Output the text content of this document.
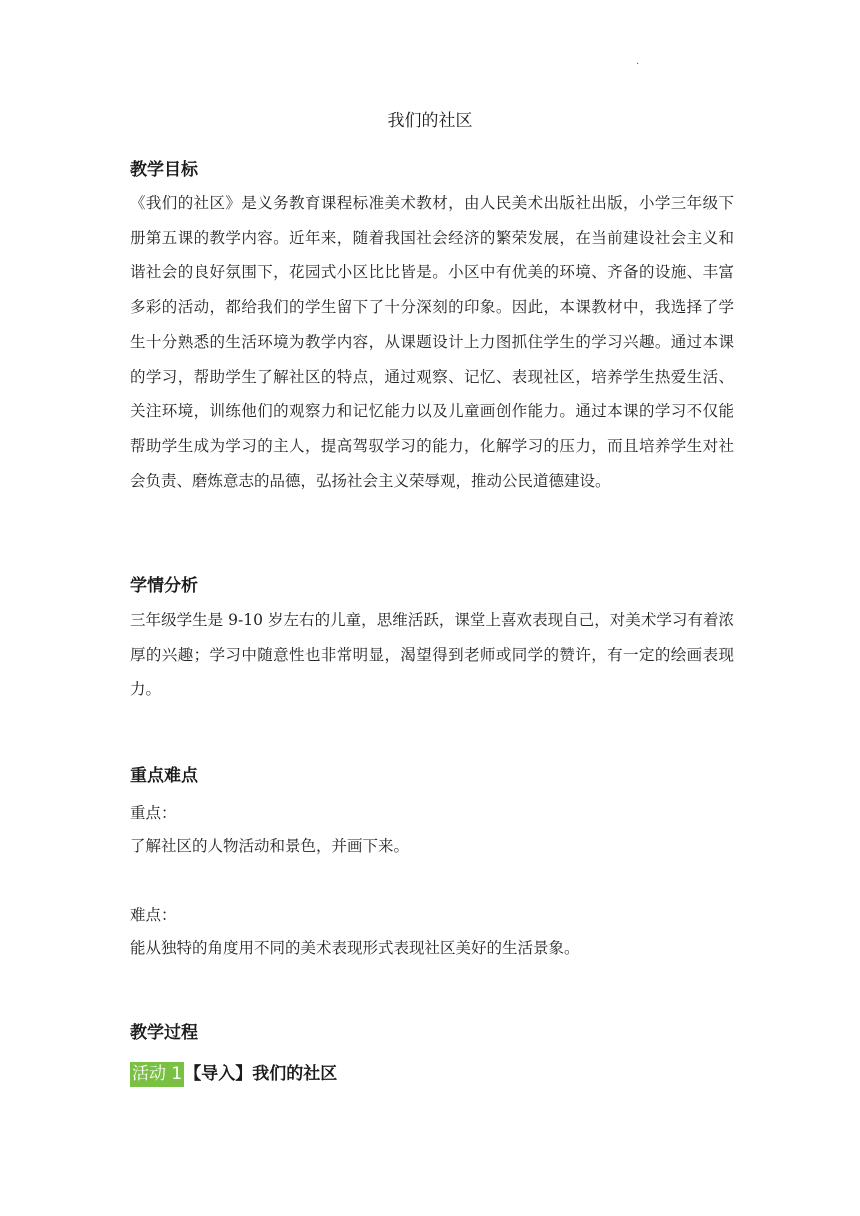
.
我们的社区
教学目标

《我们的社区》是义务教育课程标准美术教材，由人民美术出版社出版，小学三年级下册第五课的教学内容。近年来，随着我国社会经济的繁荣发展，在当前建设社会主义和谐社会的良好氛围下，花园式小区比比皆是。小区中有优美的环境、齐备的设施、丰富多彩的活动，都给我们的学生留下了十分深刻的印象。因此，本课教材中，我选择了学生十分熟悉的生活环境为教学内容，从课题设计上力图抓住学生的学习兴趣。通过本课的学习，帮助学生了解社区的特点，通过观察、记忆、表现社区，培养学生热爱生活、关注环境，训练他们的观察力和记忆能力以及儿童画创作能力。通过本课的学习不仅能帮助学生成为学习的主人，提高驾驭学习的能力，化解学习的压力，而且培养学生对社会负责、磨炼意志的品德，弘扬社会主义荣辱观，推动公民道德建设。

学情分析

三年级学生是 9-10 岁左右的儿童，思维活跃，课堂上喜欢表现自己，对美术学习有着浓厚的兴趣；学习中随意性也非常明显，渴望得到老师或同学的赞许，有一定的绘画表现力。

重点难点
重点：
了解社区的人物活动和景色，并画下来。
难点：
能从独特的角度用不同的美术表现形式表现社区美好的生活景象。
教学过程
活动 1 【导入】我们的社区
